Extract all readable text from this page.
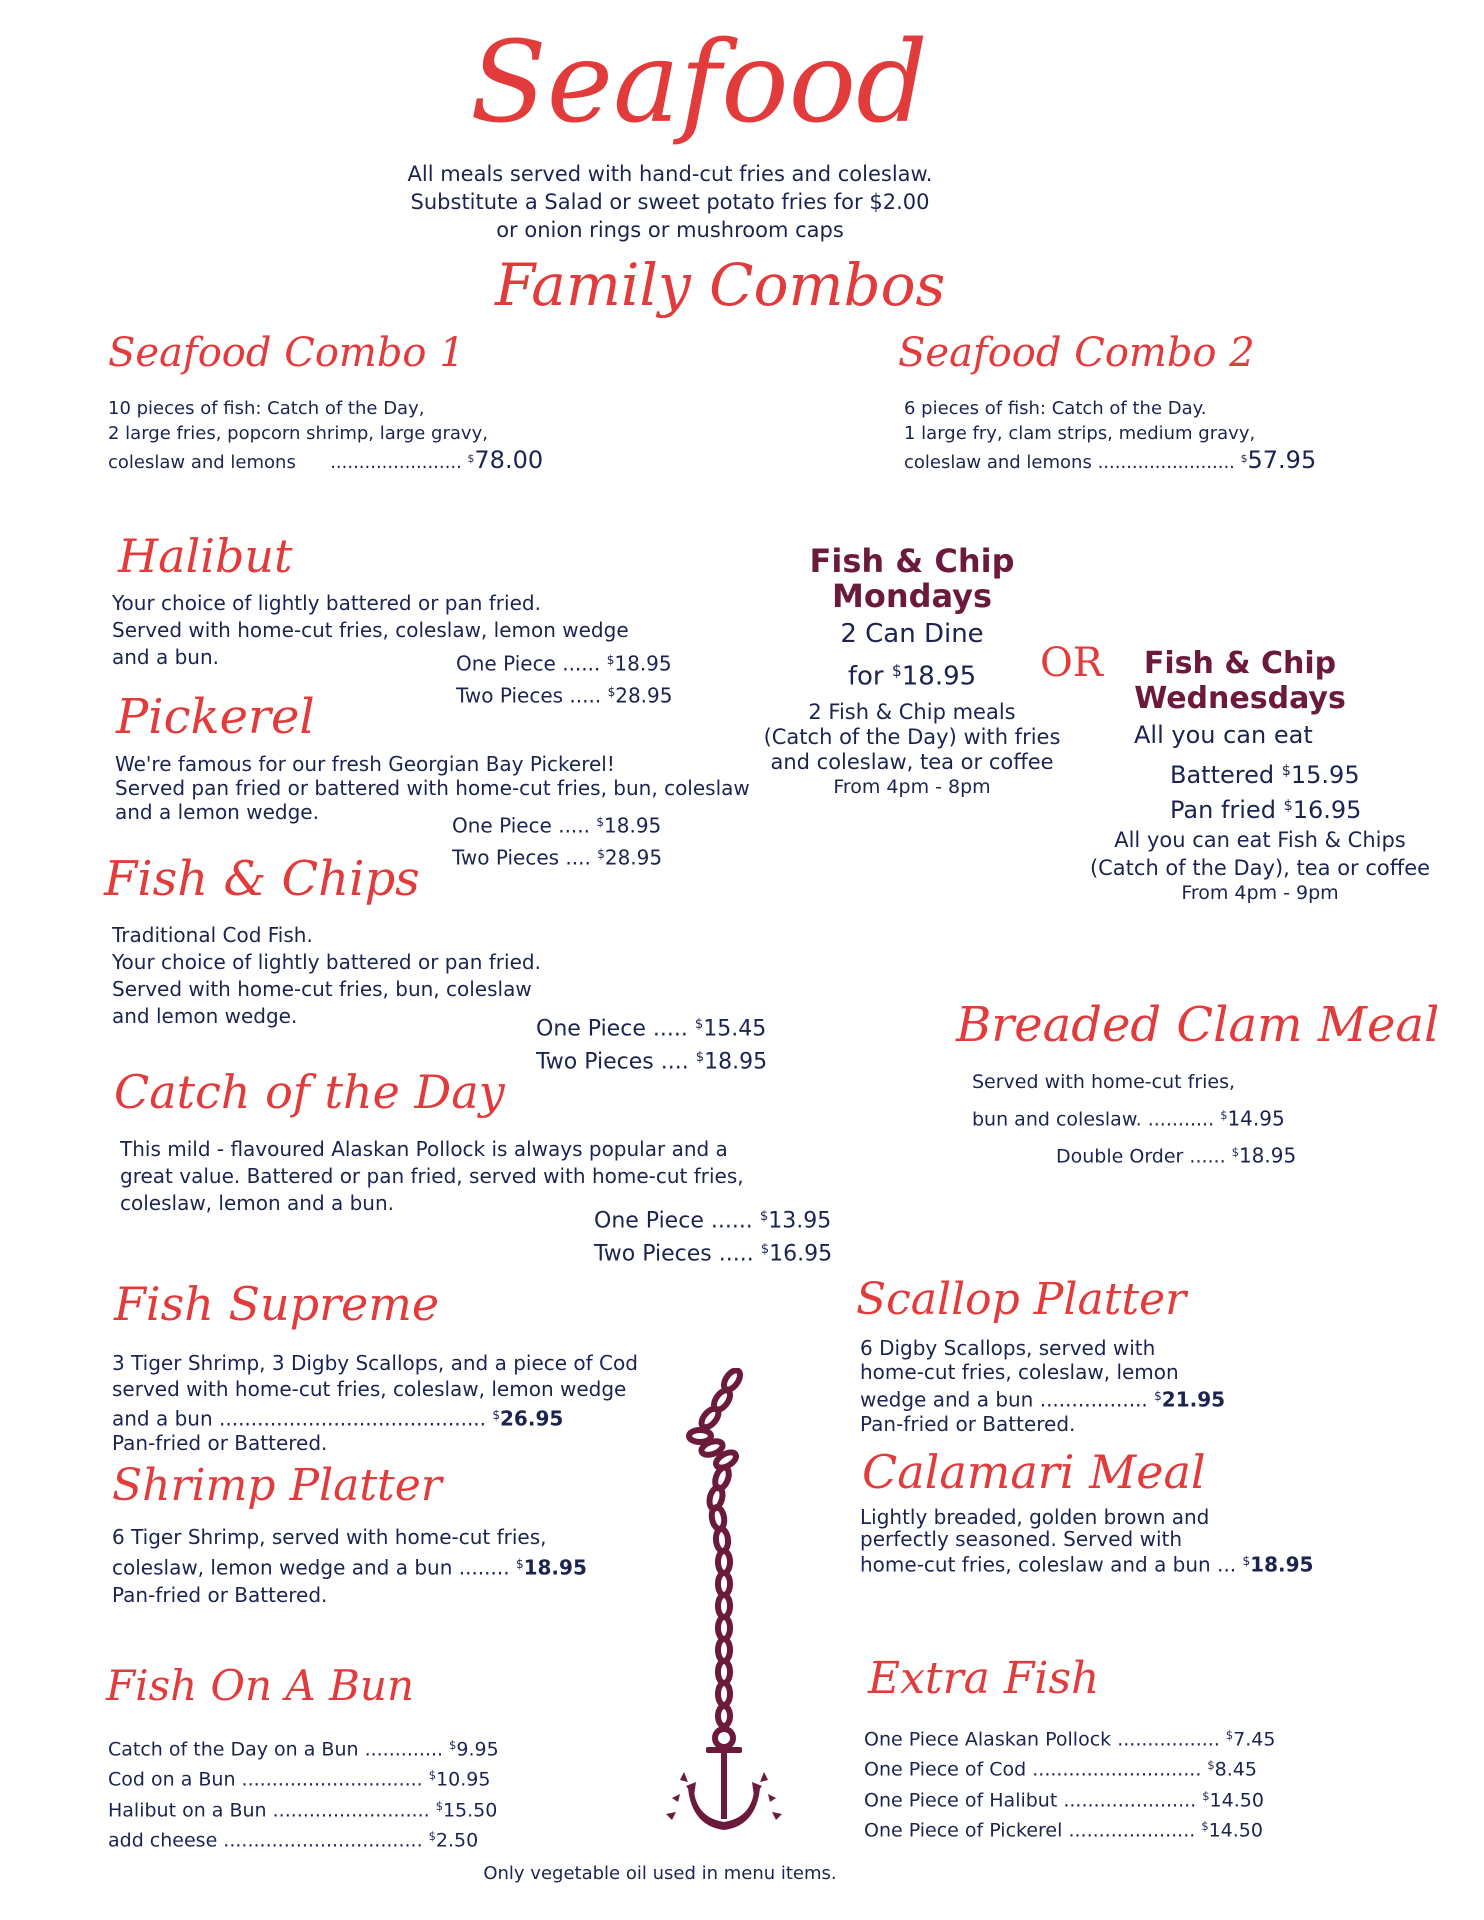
Seafood
All meals served with hand-cut fries and coleslaw.
Substitute a Salad or sweet potato fries for $2.00
or onion rings or mushroom caps
Family Combos
Seafood Combo 1
10 pieces of fish: Catch of the Day,
2 large fries, popcorn shrimp, large gravy,
coleslaw and lemons ....................... $78.00
Seafood Combo 2
6 pieces of fish: Catch of the Day.
1 large fry, clam strips, medium gravy,
coleslaw and lemons ........................ $57.95
Halibut
Your choice of lightly battered or pan fried.
Served with home-cut fries, coleslaw, lemon wedge
and a bun.	One Piece ...... $18.95
Two Pieces ..... $28.95
Pickerel
We're famous for our fresh Georgian Bay Pickerel!
Served pan fried or battered with home-cut fries, bun, coleslaw
and a lemon wedge.
One Piece ..... $18.95
Two Pieces .... $28.95
Fish & Chips
Traditional Cod Fish.
Your choice of lightly battered or pan fried.
Served with home-cut fries, bun, coleslaw
and lemon wedge.
One Piece ..... $15.45
Two Pieces .... $18.95
Catch of the Day
This mild - flavoured Alaskan Pollock is always popular and a
great value. Battered or pan fried, served with home-cut fries,
coleslaw, lemon and a bun.
One Piece ...... $13.95
Two Pieces ..... $16.95
Fish & Chip
Mondays
2 Can Dine
for $18.95
2 Fish & Chip meals
(Catch of the Day) with fries
and coleslaw, tea or coffee
From 4pm - 8pm
OR	Fish & Chip
Wednesdays
All you can eat
Battered $15.95
Pan fried $16.95
All you can eat Fish & Chips
(Catch of the Day), tea or coffee
From 4pm - 9pm
Breaded Clam Meal
Served with home-cut fries,
bun and coleslaw. ........... $14.95
Double Order ...... $18.95
Fish Supreme
3 Tiger Shrimp, 3 Digby Scallops, and a piece of Cod
served with home-cut fries, coleslaw, lemon wedge
and a bun .......................................... $26.95
Pan-fried or Battered.
Shrimp Platter
6 Tiger Shrimp, served with home-cut fries,
coleslaw, lemon wedge and a bun ........ $18.95
Pan-fried or Battered.
Scallop Platter
6 Digby Scallops, served with
home-cut fries, coleslaw, lemon
wedge and a bun ................. $21.95
Pan-fried or Battered.
Calamari Meal
Lightly breaded, golden brown and
perfectly seasoned. Served with
home-cut fries, coleslaw and a bun ... $18.95
Fish On A Bun
Catch of the Day on a Bun ............. $9.95
Cod on a Bun .............................. $10.95
Halibut on a Bun .......................... $15.50
add cheese ................................. $2.50
Extra Fish
One Piece Alaskan Pollock ................. $7.45
One Piece of Cod ............................ $8.45
One Piece of Halibut ...................... $14.50
One Piece of Pickerel ..................... $14.50
Only vegetable oil used in menu items.
